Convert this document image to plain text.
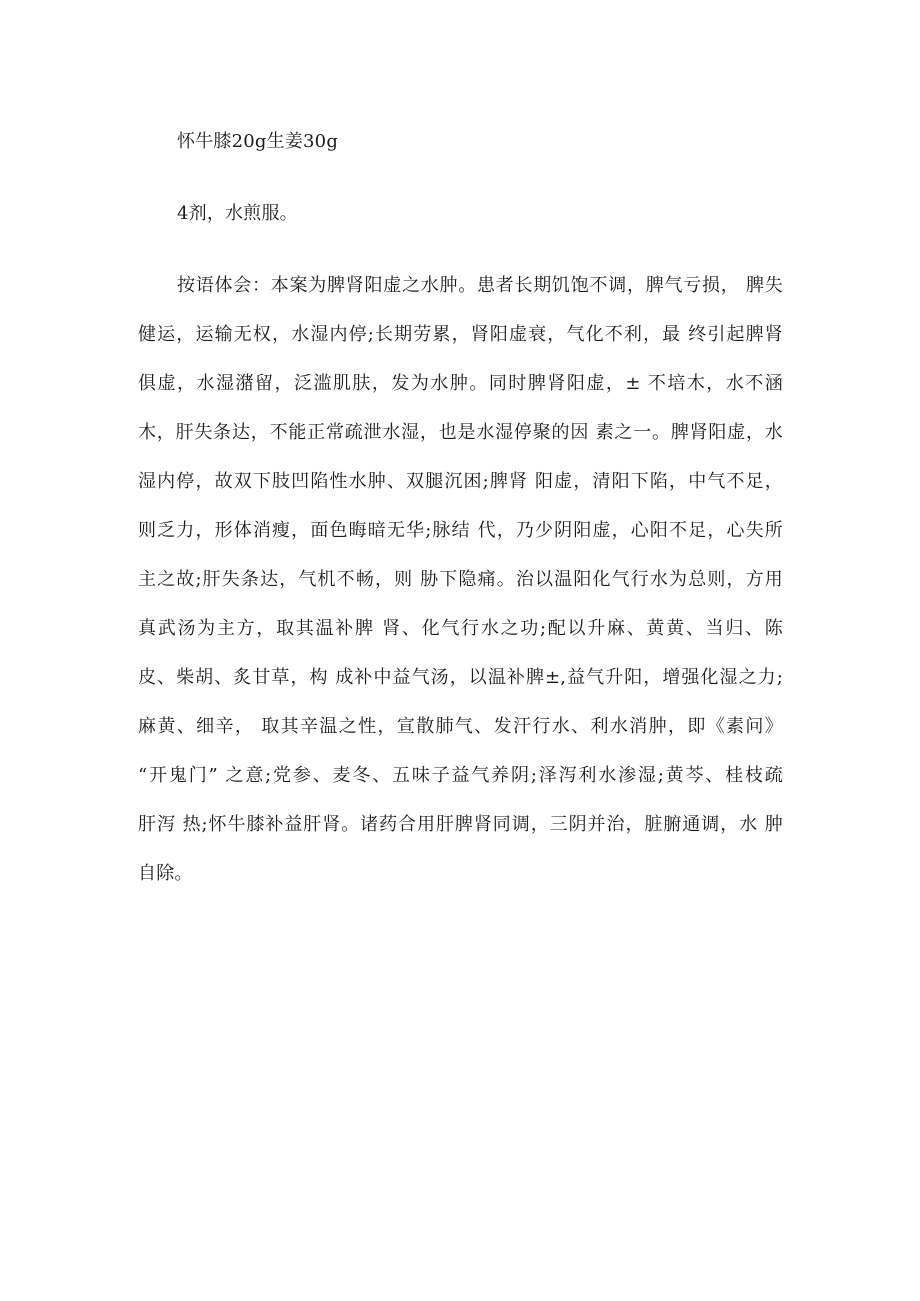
怀牛膝20g生姜30g
4剂，水煎服。
按语体会：本案为脾肾阳虚之水肿。患者长期饥饱不调，脾气亏损， 脾失
健运，运输无权，水湿内停;长期劳累，肾阳虚衰，气化不利，最 终引起脾肾
俱虚，水湿潴留，泛滥肌肤，发为水肿。同时脾肾阳虚，± 不培木，水不涵
木，肝失条达，不能正常疏泄水湿，也是水湿停聚的因 素之一。脾肾阳虚，水
湿内停，故双下肢凹陷性水肿、双腿沉困;脾肾 阳虚，清阳下陷，中气不足，
则乏力，形体消瘦，面色晦暗无华;脉结 代，乃少阴阳虚，心阳不足，心失所
主之故;肝失条达，气机不畅，则 胁下隐痛。治以温阳化气行水为总则，方用
真武汤为主方，取其温补脾 肾、化气行水之功;配以升麻、黄黄、当归、陈
皮、柴胡、炙甘草，构 成补中益气汤，以温补脾±,益气升阳，增强化湿之力;
麻黄、细辛， 取其辛温之性，宣散肺气、发汗行水、利水消肿，即《素问》
“开鬼门” 之意;党参、麦冬、五味子益气养阴;泽泻利水渗湿;黄芩、桂枝疏
肝泻 热;怀牛膝补益肝肾。诸药合用肝脾肾同调，三阴并治，脏腑通调，水 肿
自除。
